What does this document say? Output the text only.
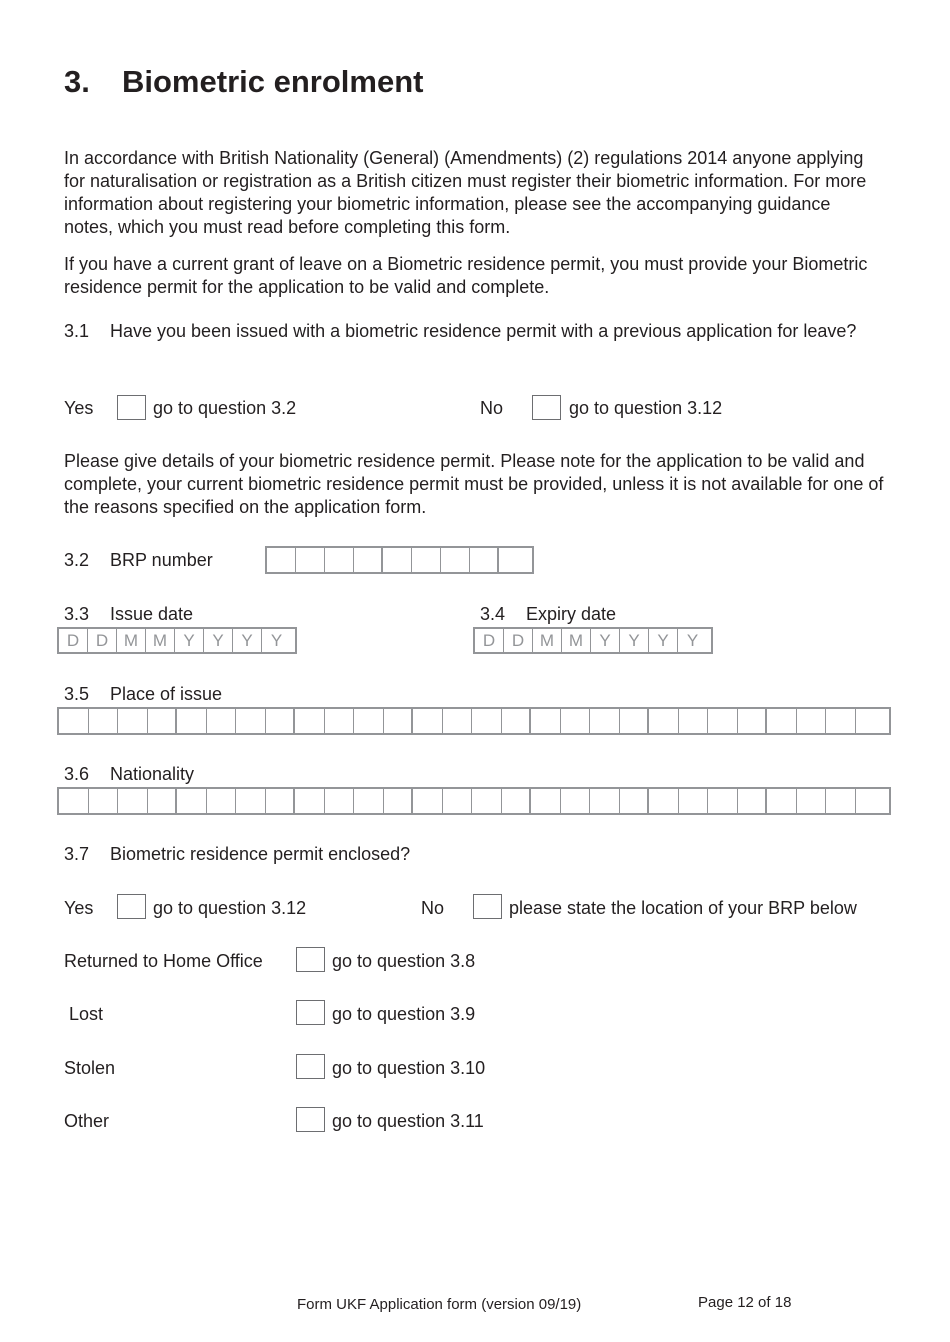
3. Biometric enrolment
In accordance with British Nationality (General) (Amendments) (2) regulations 2014 anyone applying for naturalisation or registration as a British citizen must register their biometric information. For more information about registering your biometric information, please see the accompanying guidance notes, which you must read before completing this form.
If you have a current grant of leave on a Biometric residence permit, you must provide your Biometric residence permit for the application to be valid and complete.
3.1 Have you been issued with a biometric residence permit with a previous application for leave?
Yes	go to question 3.2	No	go to question 3.12
Please give details of your biometric residence permit. Please note for the application to be valid and complete, your current biometric residence permit must be provided, unless it is not available for one of the reasons specified on the application form.
3.2 BRP number
3.3 Issue date
D D M M Y	Y	Y	Y
3.4 Expiry date
D D M M Y	Y	Y	Y
3.5 Place of issue
3.6 Nationality
3.7 Biometric residence permit enclosed?
Yes	go to question 3.12	No	please state the location of your BRP below
Returned to Home Office	go to question 3.8
Lost	go to question 3.9
Stolen	go to question 3.10
Other	go to question 3.11
Form UKF Application form (version 09/19)	Page 12 of 18
